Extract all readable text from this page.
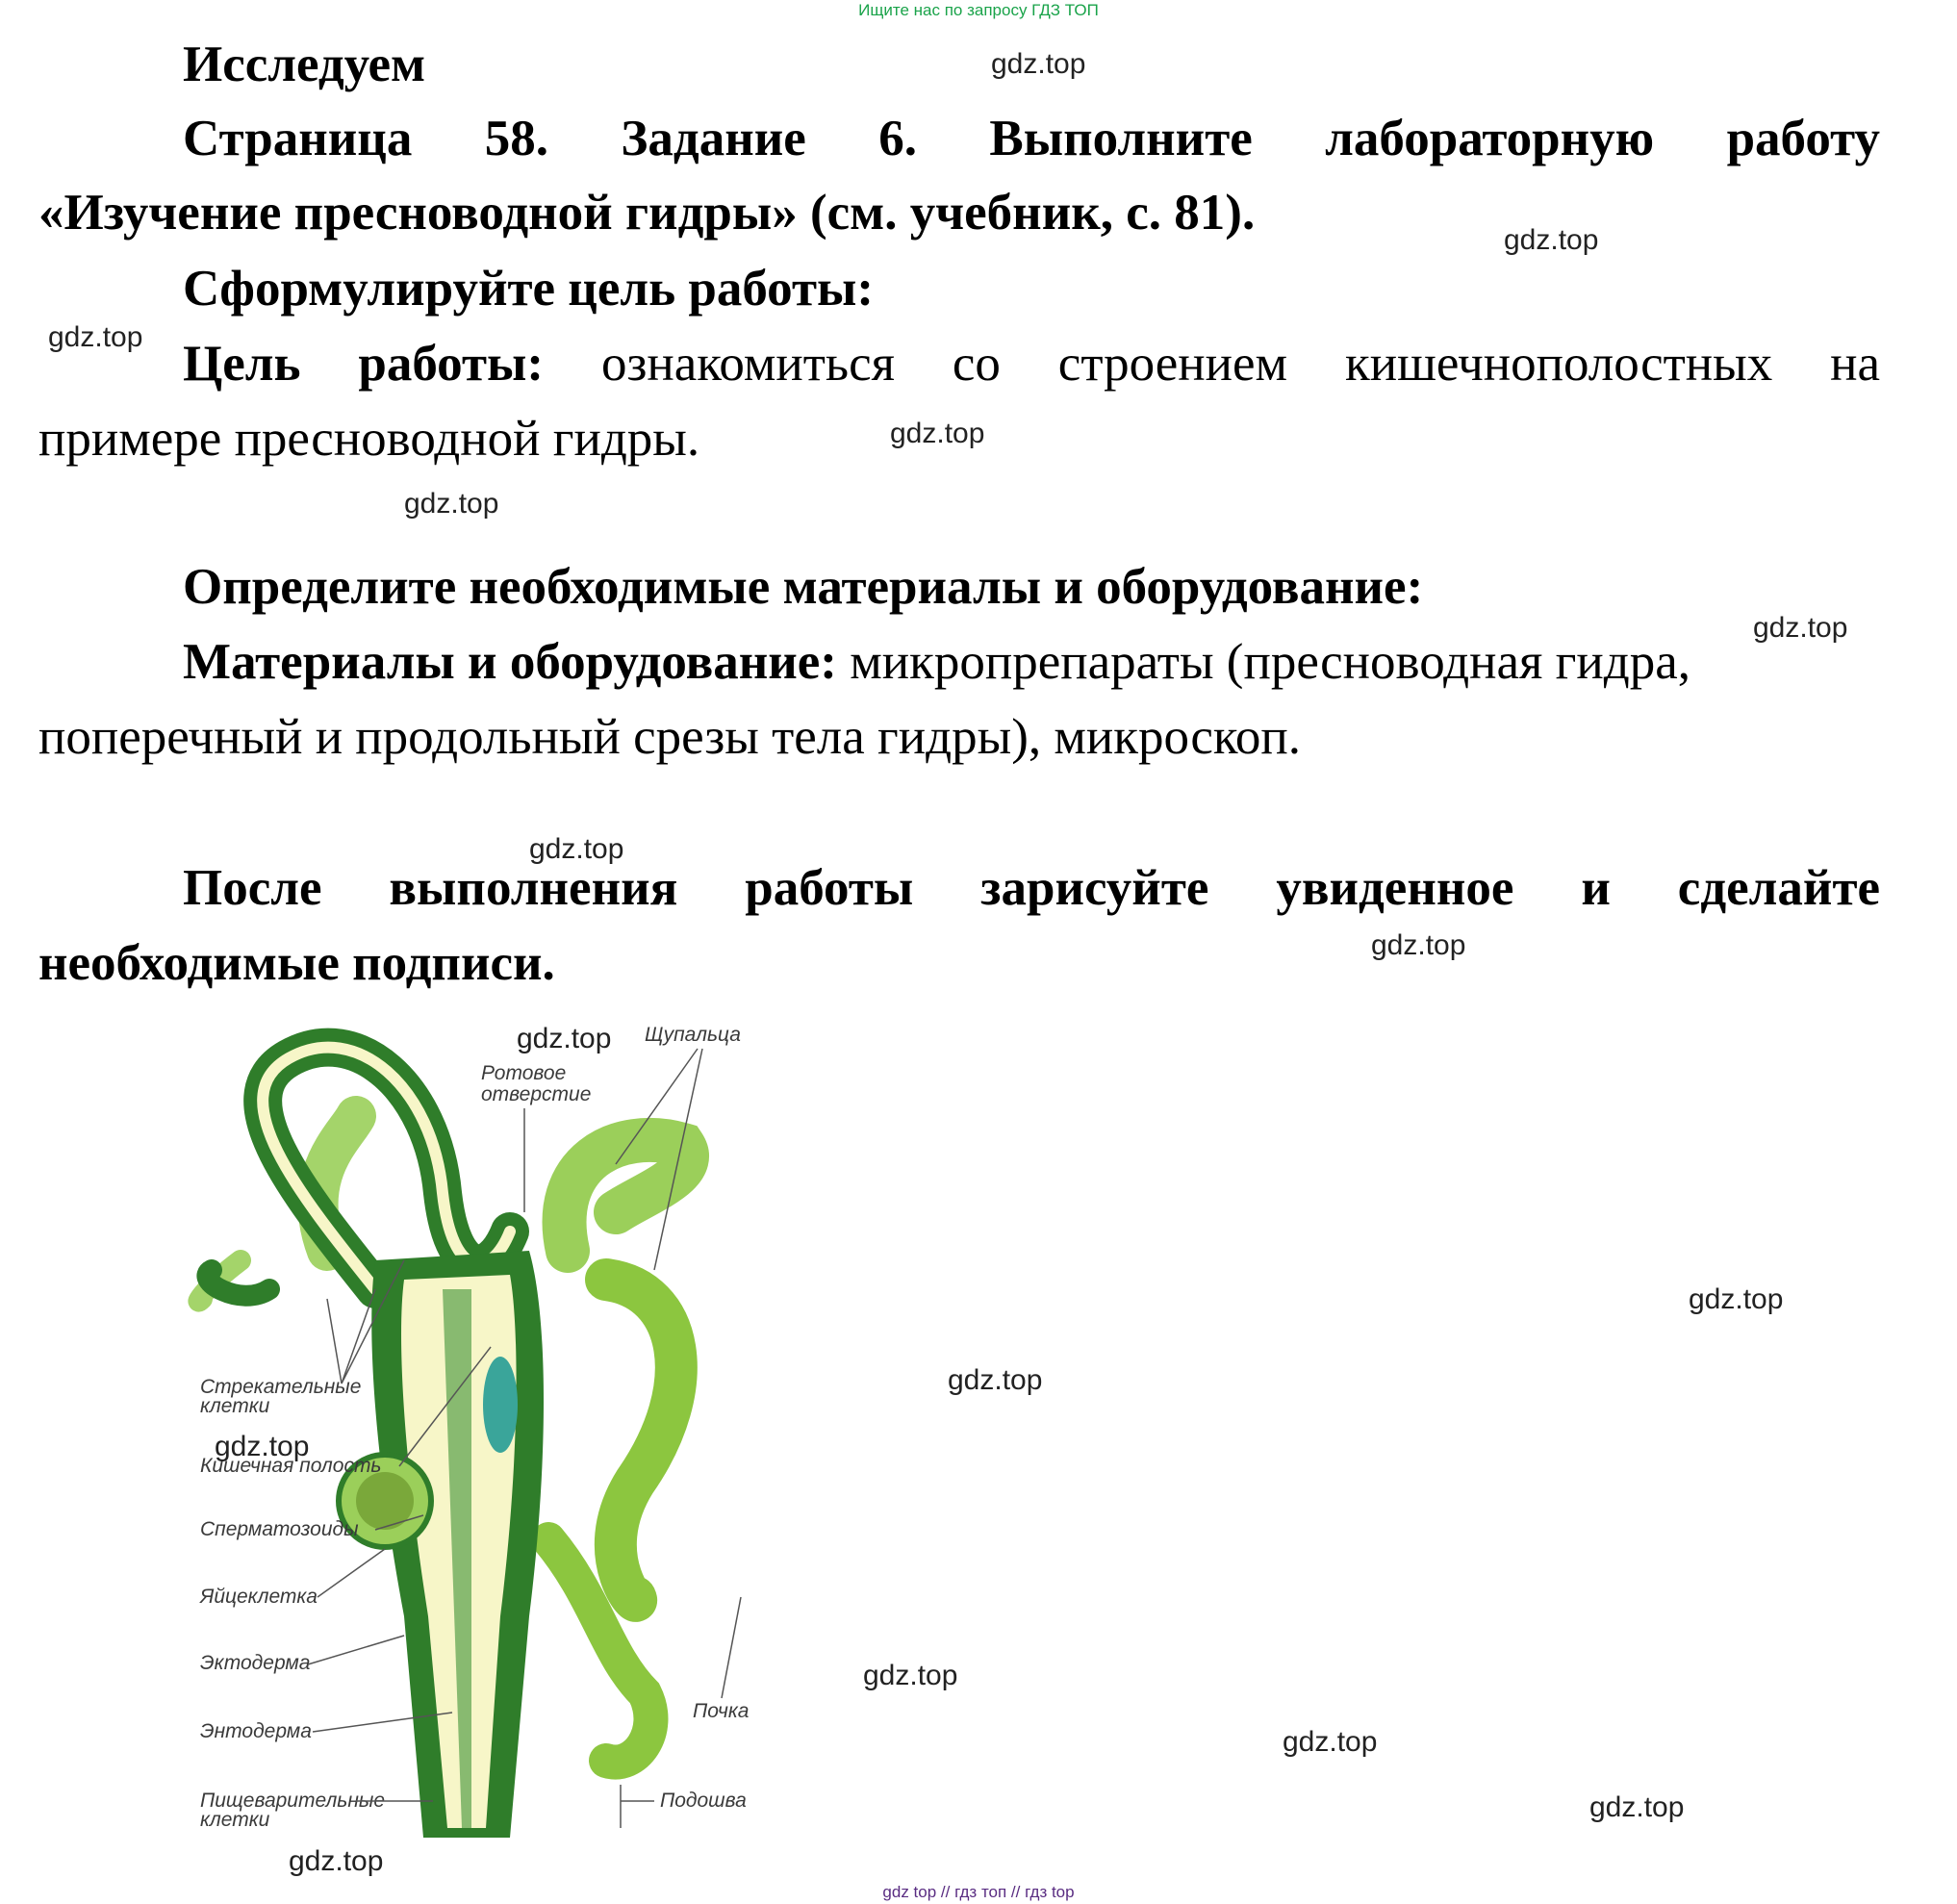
Ищите нас по запросу ГДЗ ТОП
Исследуем
Страница 58. Задание 6. Выполните лабораторную работу
«Изучение пресноводной гидры» (см. учебник, с. 81).
Сформулируйте цель работы:
Цель работы: ознакомиться со строением кишечнополостных на
примере пресноводной гидры.
Определите необходимые материалы и оборудование:
Материалы и оборудование: микропрепараты (пресноводная гидра,
поперечный и продольный срезы тела гидры), микроскоп.
После выполнения работы зарисуйте увиденное и сделайте
необходимые подписи.
Щупальца
Ротовое
отверстие
Стрекательные
клетки
Кишечная полость
Сперматозоиды
Яйцеклетка
Эктодерма
Энтодерма
Пищеварительные
клетки
Почка
Подошва
gdz.top
gdz.top
gdz.top
gdz.top
gdz.top
gdz.top
gdz.top
gdz.top
gdz.top
gdz.top
gdz.top
gdz.top
gdz.top
gdz.top
gdz.top
gdz.top
gdz top // гдз топ // гдз top
